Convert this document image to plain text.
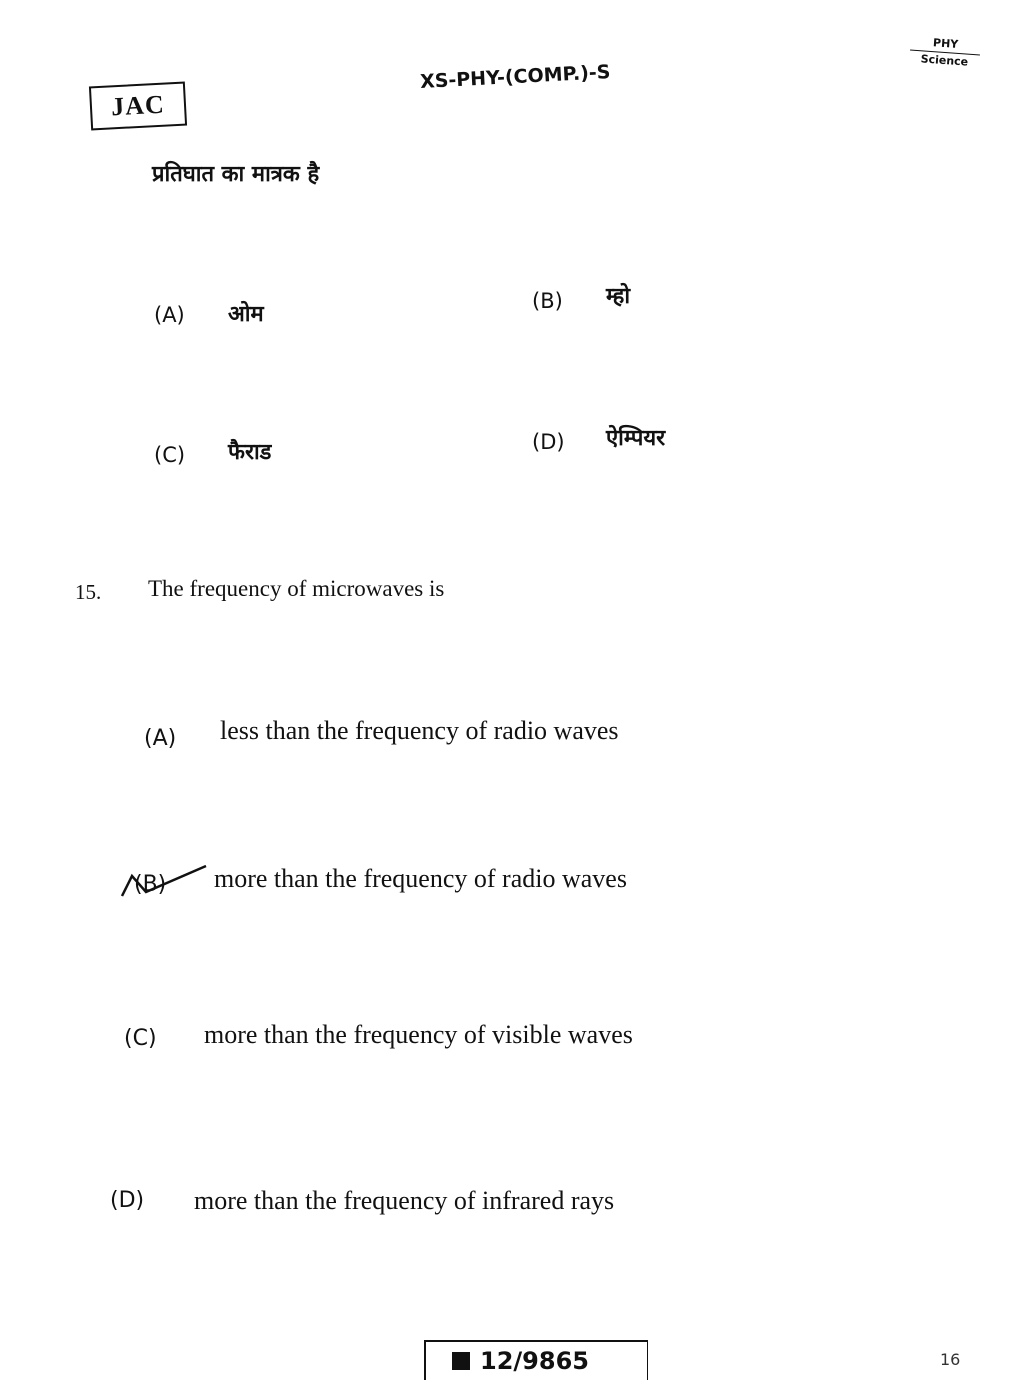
JAC
XS-PHY-(COMP.)-S
PHY
Science
प्रतिघात का मात्रक है
(A) ओम
(B) म्हो
(C) फैराड	(D) ऐम्पियर
15. The frequency of microwaves is
(A) less than the frequency of radio waves
(B) more than the frequency of radio waves
(C) more than the frequency of visible waves
(D) more than the frequency of infrared rays
12/9865	16
